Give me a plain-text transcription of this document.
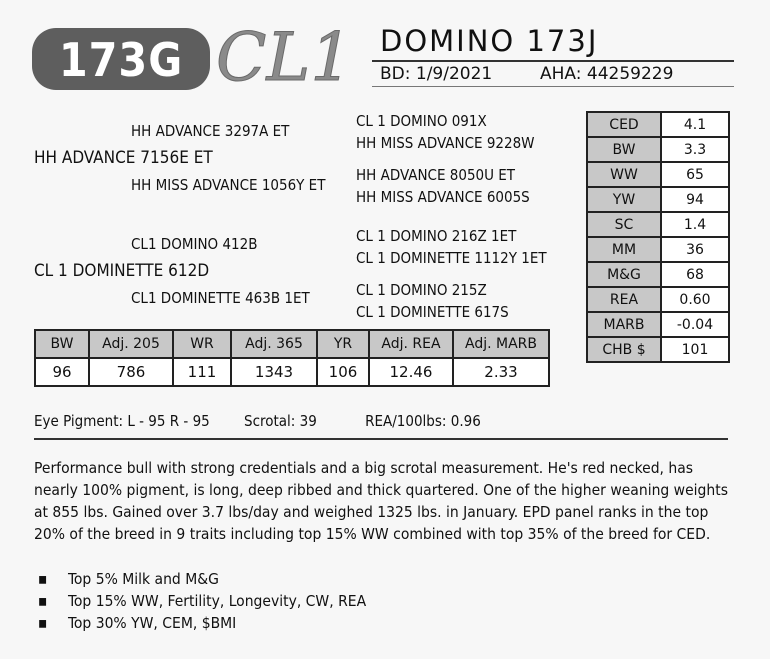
173G CL1 DOMINO 173J
BD: 1/9/2021	AHA: 44259229
HH ADVANCE 3297A ET
HH ADVANCE 7156E ET
HH MISS ADVANCE 1056Y ET
CL 1 DOMINO 091X
HH MISS ADVANCE 9228W
HH ADVANCE 8050U ET
HH MISS ADVANCE 6005S
CL1 DOMINO 412B
CL 1 DOMINETTE 612D
CL1 DOMINETTE 463B 1ET
CL 1 DOMINO 216Z 1ET
CL 1 DOMINETTE 1112Y 1ET
CL 1 DOMINO 215Z
CL 1 DOMINETTE 617S
BW	Adj. 205	WR	Adj. 365	YR	Adj. REA	Adj. MARB
96	786	111	1343	106	12.46	2.33
CED	4.1
BW	3.3
WW	65
YW	94
SC	1.4
MM	36
M&G	68
REA	0.60
MARB	-0.04
CHB $	101
Eye Pigment: L - 95 R - 95 Scrotal: 39	REA/100lbs: 0.96
Performance bull with strong credentials and a big scrotal measurement. He's red necked, has nearly 100% pigment, is long, deep ribbed and thick quartered. One of the higher weaning weights at 855 lbs. Gained over 3.7 lbs/day and weighed 1325 lbs. in January. EPD panel ranks in the top 20% of the breed in 9 traits including top 15% WW combined with top 35% of the breed for CED.
▪ Top 5% Milk and M&G
▪ Top 15% WW, Fertility, Longevity, CW, REA
▪ Top 30% YW, CEM, $BMI
